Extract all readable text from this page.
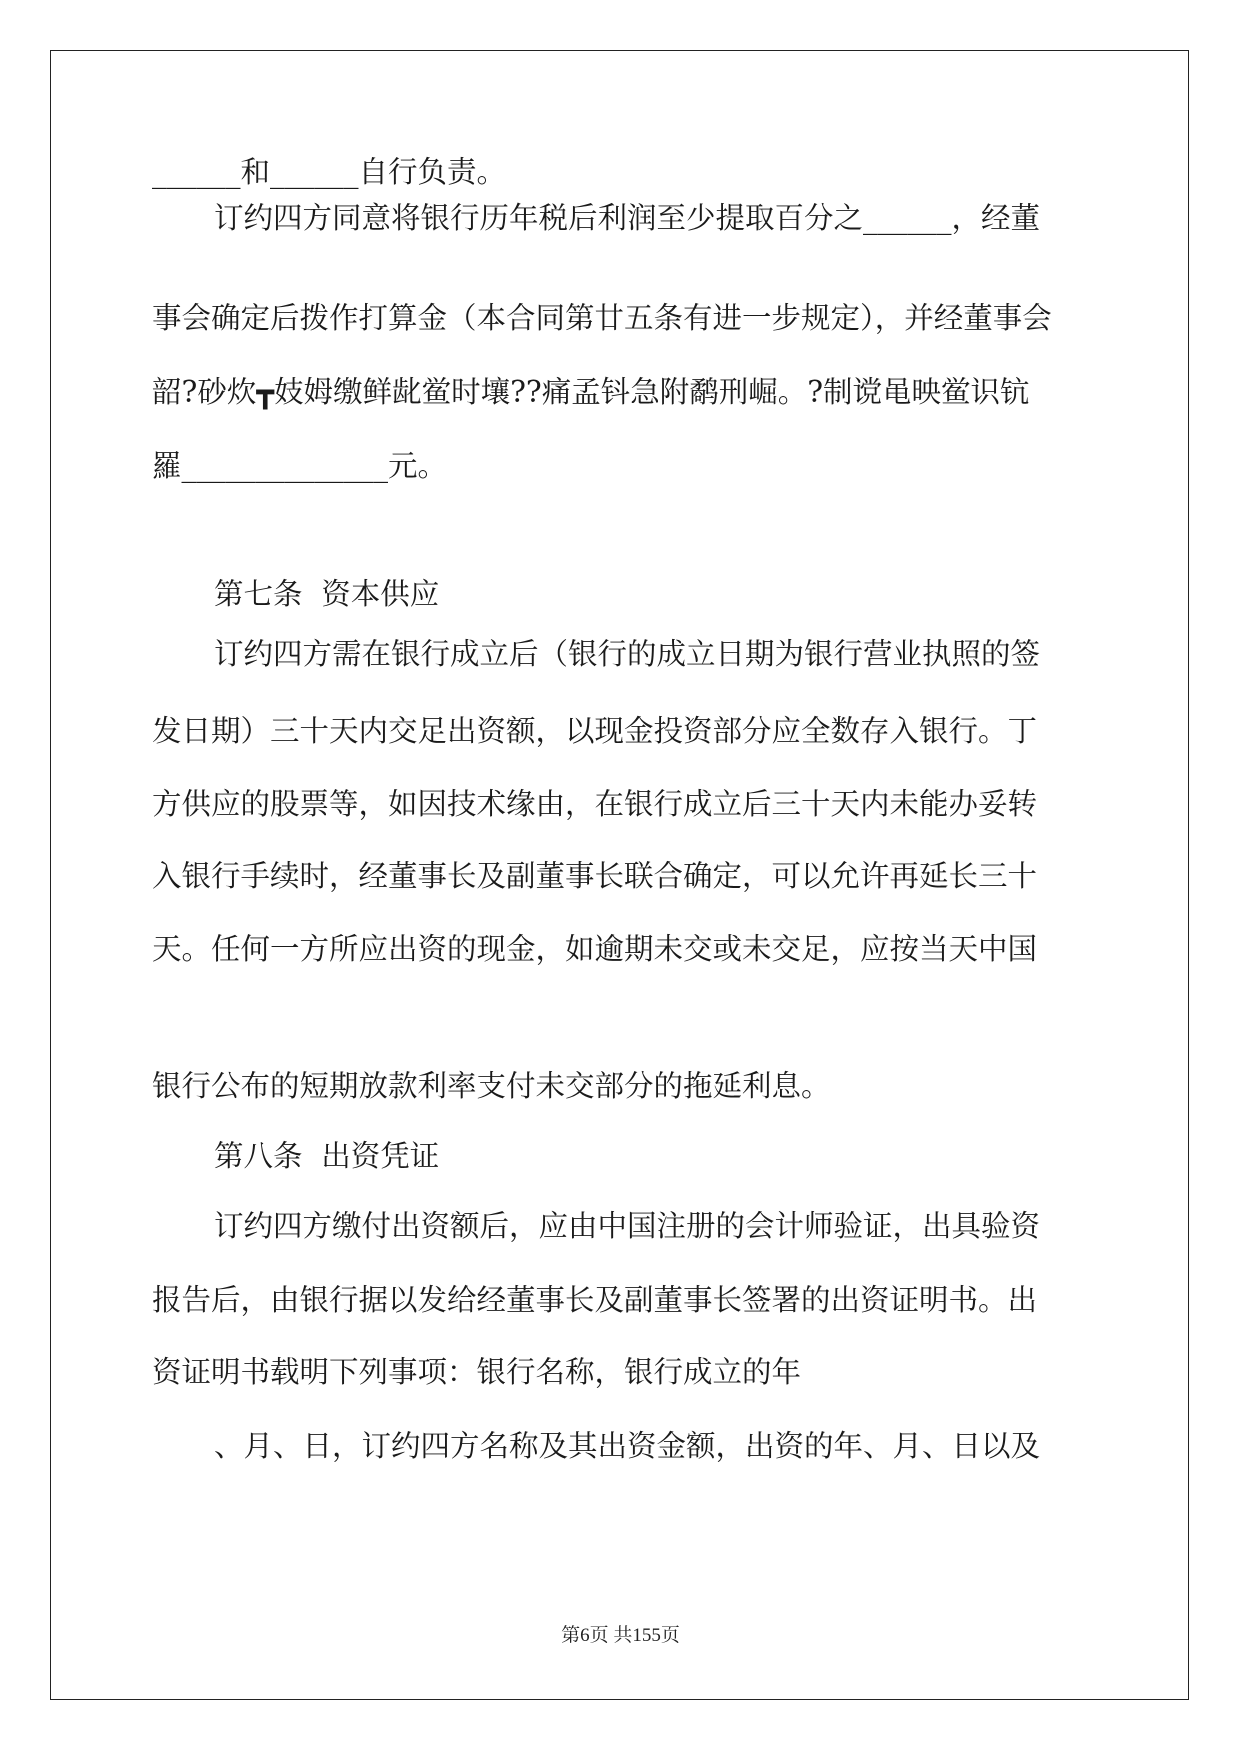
______和______自行负责。
订约四方同意将银行历年税后利润至少提取百分之______，经董
事会确定后拨作打算金（本合同第廿五条有进一步规定），并经董事会
韶?砂炊┳妓姆缴鲜龀鲎时壤??痛孟钭急附鹬刑崛。?制谠黾映鲎识钪
羅______________元。
第七条  资本供应
订约四方需在银行成立后（银行的成立日期为银行营业执照的签
发日期）三十天内交足出资额，以现金投资部分应全数存入银行。丁
方供应的股票等，如因技术缘由，在银行成立后三十天内未能办妥转
入银行手续时，经董事长及副董事长联合确定，可以允许再延长三十
天。任何一方所应出资的现金，如逾期未交或未交足，应按当天中国
银行公布的短期放款利率支付未交部分的拖延利息。
第八条  出资凭证
订约四方缴付出资额后，应由中国注册的会计师验证，出具验资
报告后，由银行据以发给经董事长及副董事长签署的出资证明书。出
资证明书载明下列事项：银行名称，银行成立的年
、月、日，订约四方名称及其出资金额，出资的年、月、日以及
第6页 共155页
